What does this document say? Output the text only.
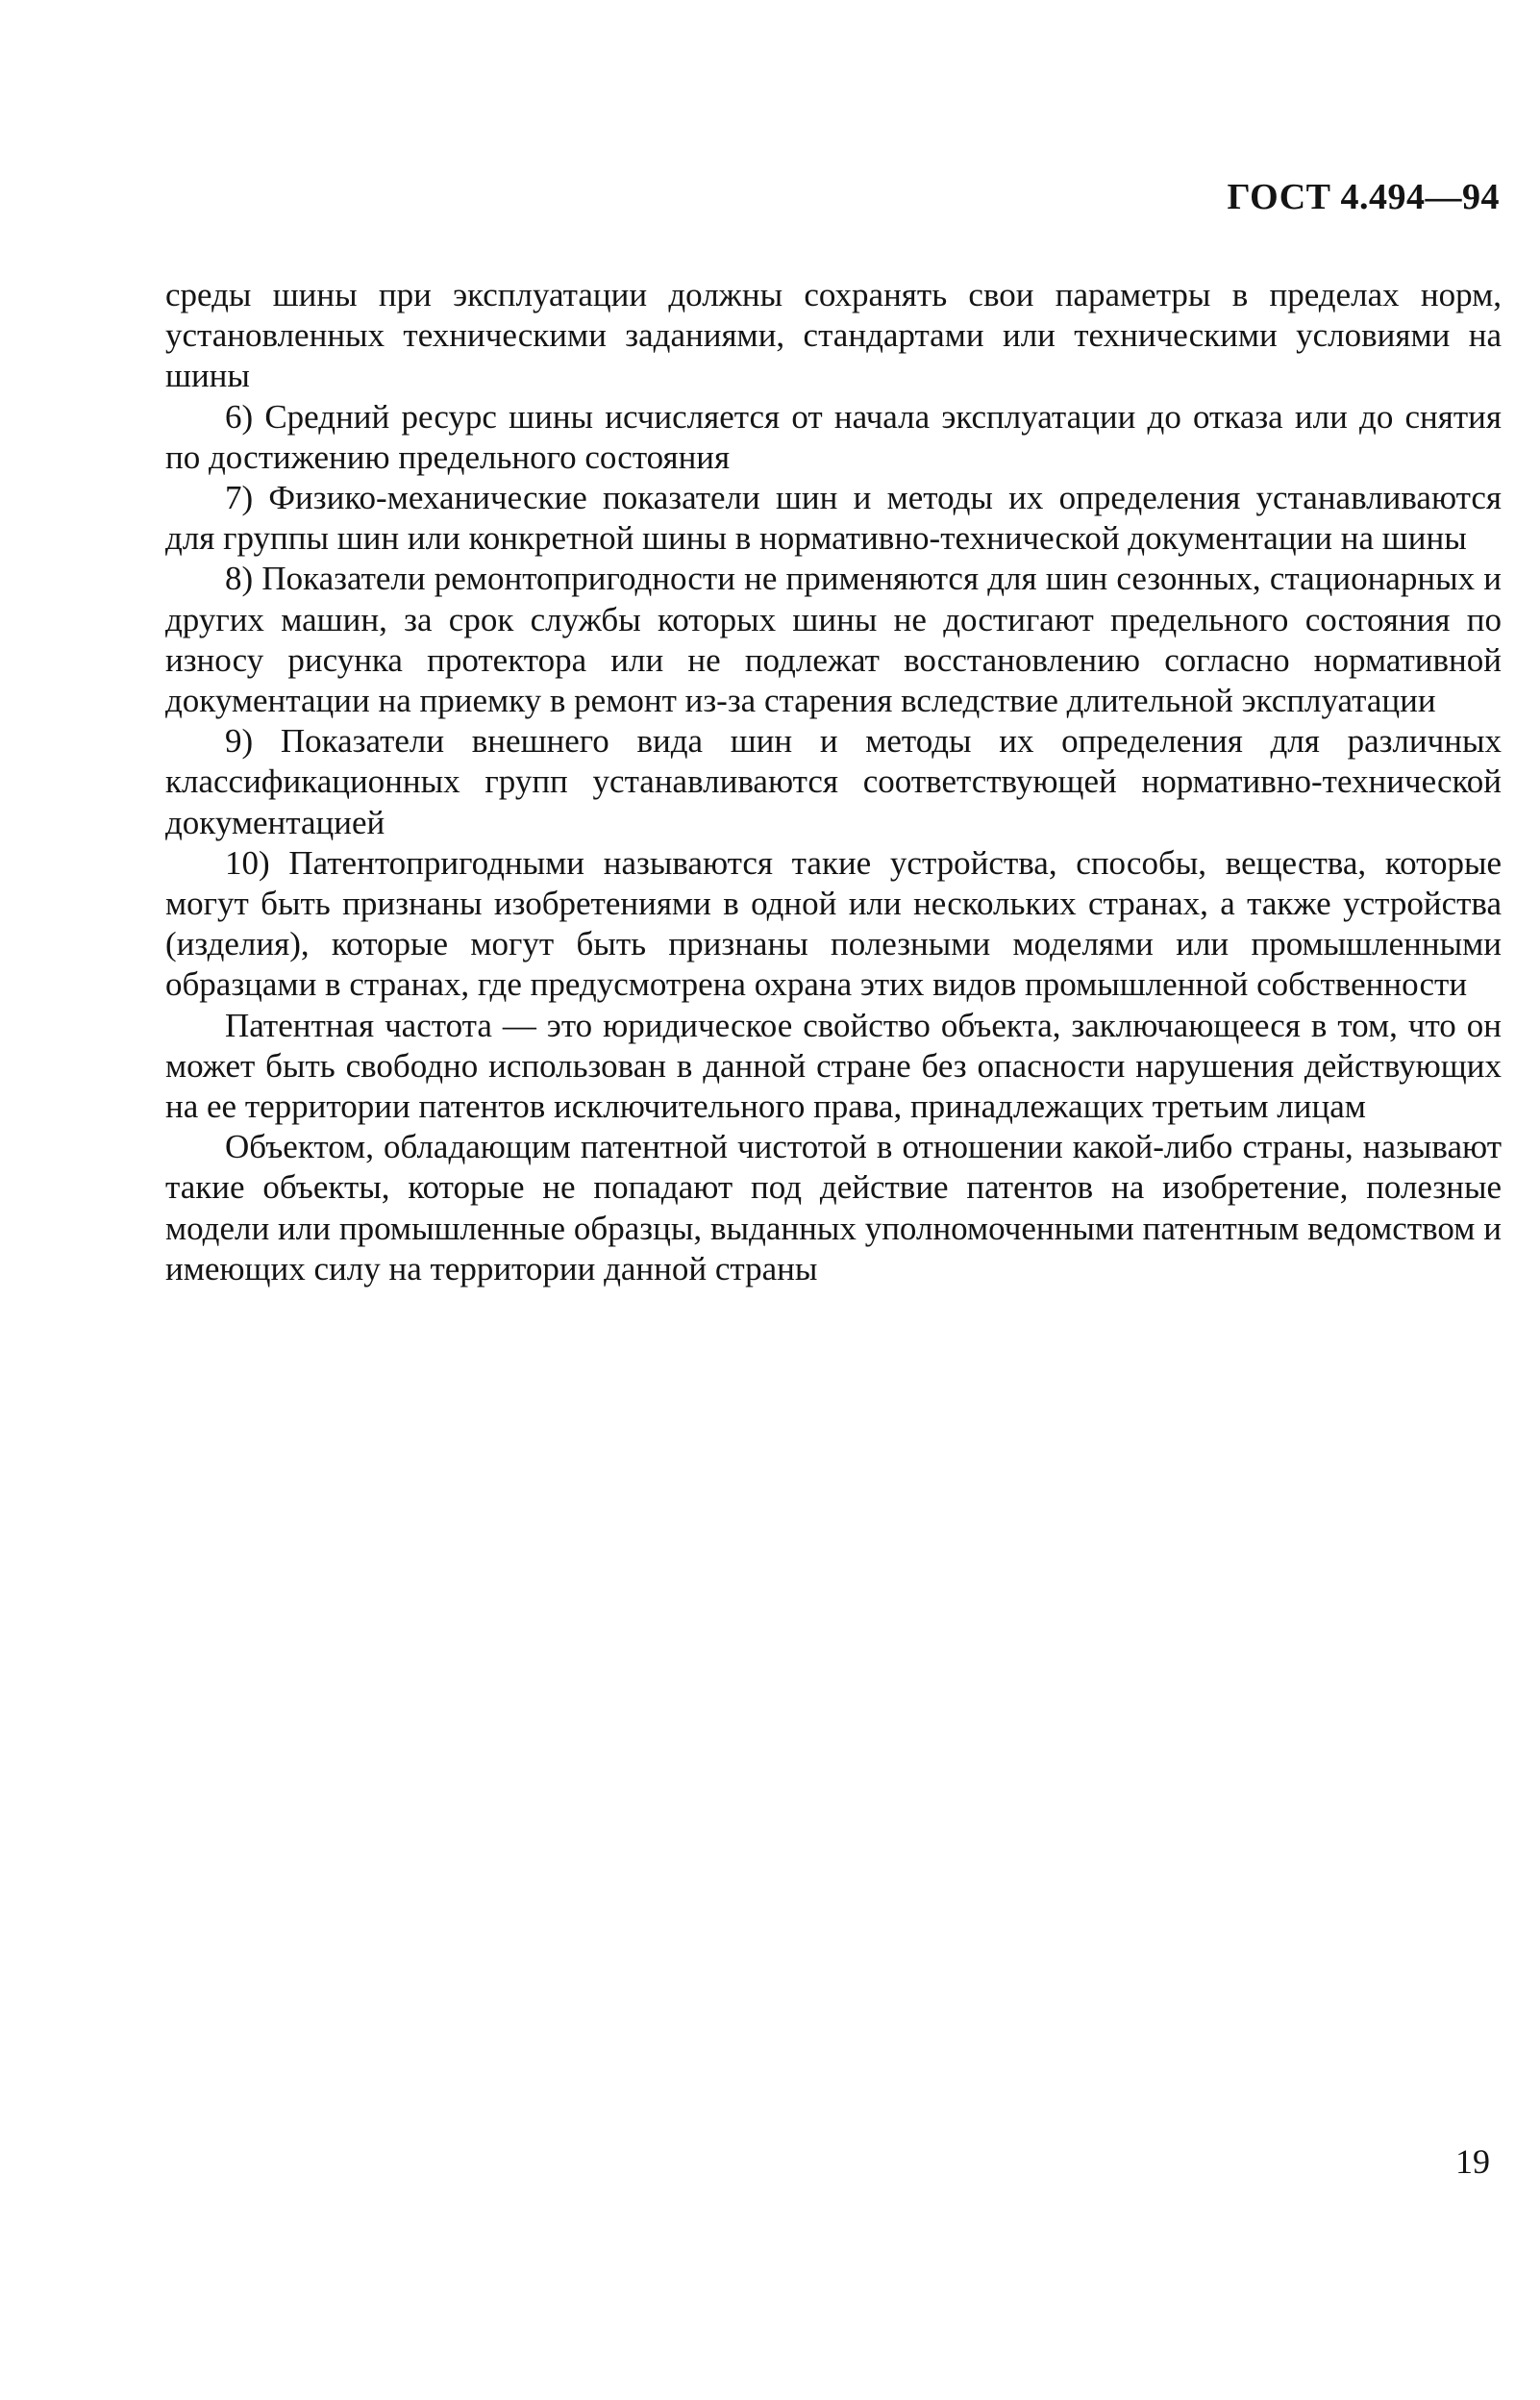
ГОСТ 4.494—94

среды шины при эксплуатации должны сохранять свои параметры в пределах норм, установленных техническими заданиями, стандартами или техническими условиями на шины

6) Средний ресурс шины исчисляется от начала эксплуатации до отказа или до снятия по достижению предельного состояния

7) Физико-механические показатели шин и методы их определения устанавливаются для группы шин или конкретной шины в нормативно-технической документации на шины

8) Показатели ремонтопригодности не применяются для шин сезонных, стационарных и других машин, за срок службы которых шины не достигают предельного состояния по износу рисунка протектора или не подлежат восстановлению согласно нормативной документации на приемку в ремонт из-за старения вследствие длительной эксплуатации

9) Показатели внешнего вида шин и методы их определения для различных классификационных групп устанавливаются соответствующей нормативно-технической документацией

10) Патентопригодными называются такие устройства, способы, вещества, которые могут быть признаны изобретениями в одной или нескольких странах, а также устройства (изделия), которые могут быть признаны полезными моделями или промышленными образцами в странах, где предусмотрена охрана этих видов промышленной собственности

Патентная частота — это юридическое свойство объекта, заключающееся в том, что он может быть свободно использован в данной стране без опасности нарушения действующих на ее территории патентов исключительного права, принадлежащих третьим лицам

Объектом, обладающим патентной чистотой в отношении какой-либо страны, называют такие объекты, которые не попадают под действие патентов на изобретение, полезные модели или промышленные образцы, выданных уполномоченными патентным ведомством и имеющих силу на территории данной страны

19
